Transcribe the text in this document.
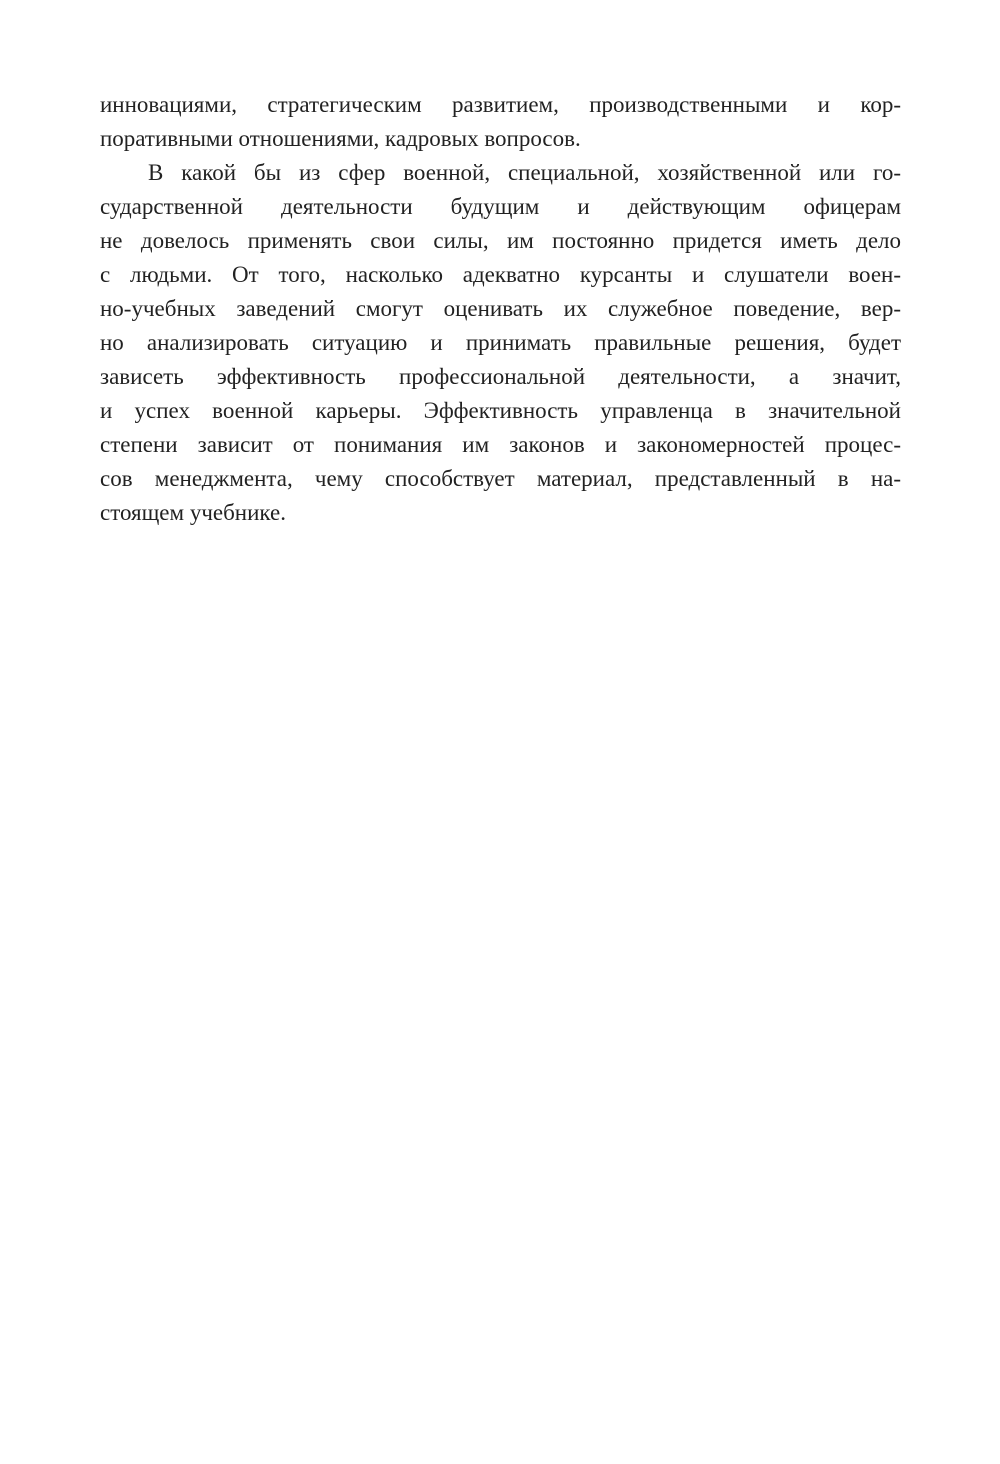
инновациями, стратегическим развитием, производственными и кор-
поративными отношениями, кадровых вопросов.
В какой бы из сфер военной, специальной, хозяйственной или го-
сударственной деятельности будущим и действующим офицерам
не довелось применять свои силы, им постоянно придется иметь дело
с людьми. От того, насколько адекватно курсанты и слушатели воен-
но-учебных заведений смогут оценивать их служебное поведение, вер-
но анализировать ситуацию и принимать правильные решения, будет
зависеть эффективность профессиональной деятельности, а значит,
и успех военной карьеры. Эффективность управленца в значительной
степени зависит от понимания им законов и закономерностей процес-
сов менеджмента, чему способствует материал, представленный в на-
стоящем учебнике.
